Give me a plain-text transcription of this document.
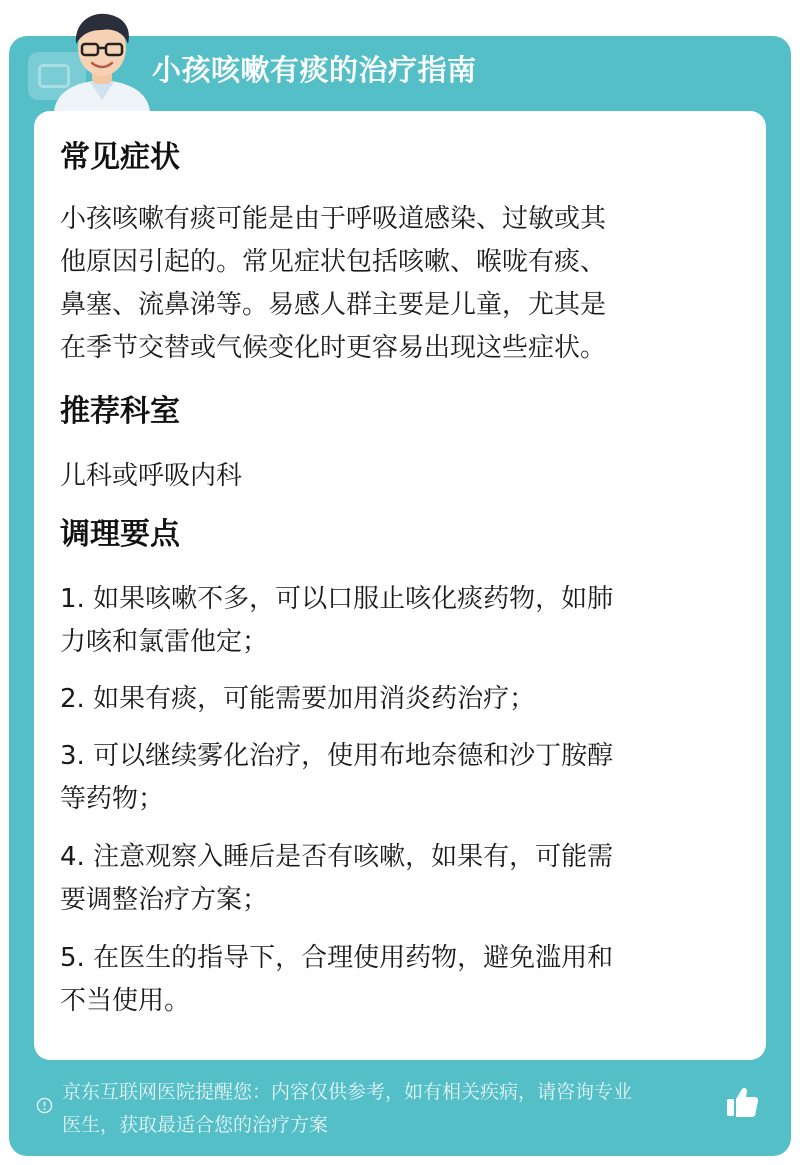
小孩咳嗽有痰的治疗指南
常见症状
小孩咳嗽有痰可能是由于呼吸道感染、过敏或其
他原因引起的。常见症状包括咳嗽、喉咙有痰、
鼻塞、流鼻涕等。易感人群主要是儿童，尤其是
在季节交替或气候变化时更容易出现这些症状。
推荐科室
儿科或呼吸内科
调理要点
1. 如果咳嗽不多，可以口服止咳化痰药物，如肺
力咳和氯雷他定；
2. 如果有痰，可能需要加用消炎药治疗；
3. 可以继续雾化治疗，使用布地奈德和沙丁胺醇
等药物；
4. 注意观察入睡后是否有咳嗽，如果有，可能需
要调整治疗方案；
5. 在医生的指导下，合理使用药物，避免滥用和
不当使用。
京东互联网医院提醒您：内容仅供参考，如有相关疾病，请咨询专业
医生，获取最适合您的治疗方案
